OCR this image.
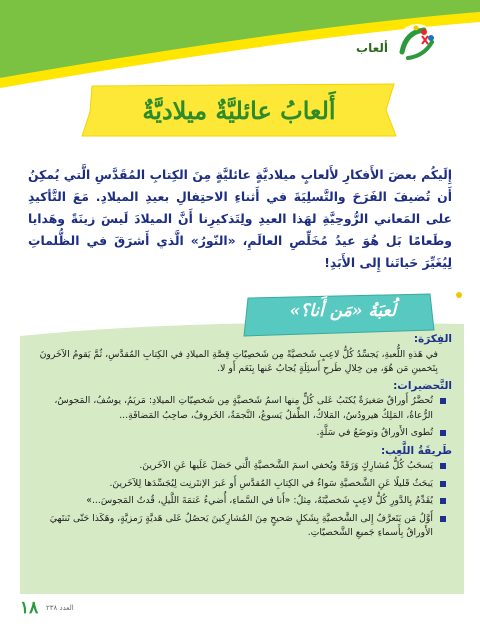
ألعاب
أَلعابُ عائليَّةٌ ميلاديَّةٌ
إِلَيكُم بعضَ الأَفكارِ لأَلعابٍ ميلاديَّةٍ عائليَّةٍ مِنَ الكِتابِ المُقَدَّسِ الَّتي يُمكِنُ أَن تُضيفَ الفَرَحَ والتَّسلِيَةَ في أَثناءِ الاحتِفالِ بعيدِ الميلادِ. مَعَ التَّأكيدِ على المَعاني الرُّوحِيَّةِ لهَذا العيدِ ولِتَذكيرِنا أَنَّ الميلادَ لَيسَ زينَةً وهَدايا وطَعامًا بَل هُوَ عيدُ مُخَلِّصِ العالَمِ، «النّورُ» الَّذي أَشرَقَ في الظُّلماتِ لِيُغَيِّرَ حَياتَنا إِلى الأَبَدِ!
لُعبَةُ «مَن أَنا؟»
الفِكرَة:
في هَذهِ اللُّعبةِ، يَجسِّدُ كُلُّ لاعِبٍ شَخصيَّةً مِن شَخصِيّاتِ قِصَّةِ الميلادِ في الكِتابِ المُقدَّسِ، ثُمَّ يَقومُ الآخَرونَ بِتَخمينِ مَن هُوَ، مِن خِلالِ طَرحِ أَسئِلَةٍ يُجابُ عَنها بِنَعَم أَو لا.
التَّحضيرات:
تُحضَّرُ أَوراقٌ صَغيرَةٌ يُكتَبُ عَلى كُلٍّ مِنها اسمُ شَخصيَّةٍ مِن شَخصِيّاتِ الميلادِ: مَريَمُ، يوسُفُ، المَجوسُ، الرُّعاةُ، المَلِكُ هيرودُسُ، المَلاكُ، الطِّفلُ يَسوعُ، النَّجمَةُ، الخَروفُ، صاحِبُ المَضافَةِ...
تُطوى الأَوراقُ وتوضَعُ في سَلَّةٍ.
طَريقَةُ اللَّعِب:
يَسحَبُ كُلُّ مُشارِكٍ وَرَقَةً ويُخفي اسمَ الشَّخصيَّةِ الَّتي حَصَلَ عَلَيها عَنِ الآخَرينَ.
يَبحَثُ قَليلًا عَنِ الشَّخصيَّةِ سَواءٌ في الكِتابِ المُقدَّسِ أَو عَبرَ الإنتَرنِت لِيُجَسِّدَها لِلآخَرينَ.
يُقَدِّمُ بِالدَّورِ كُلُّ لاعِبٍ شَخصيَّتَهُ، مِثلُ: «أَنا في السَّماءِ، أُضيءُ عَتمَةَ اللَّيلِ، قُدتُ المَجوسَ...»
أَوَّلُ مَن يَتَعرَّفُ إِلى الشَّخصيَّةِ بِشَكلٍ صَحيحٍ مِنَ المُشارِكينَ يَحصُلُ عَلى هَديَّةٍ رَمزيَّةٍ، وهَكَذا حَتّى تَنتَهيَ الأَوراقُ بِأَسماءِ جَميعِ الشَّخصيّاتِ.
١٨ العدد ٢٣٨
